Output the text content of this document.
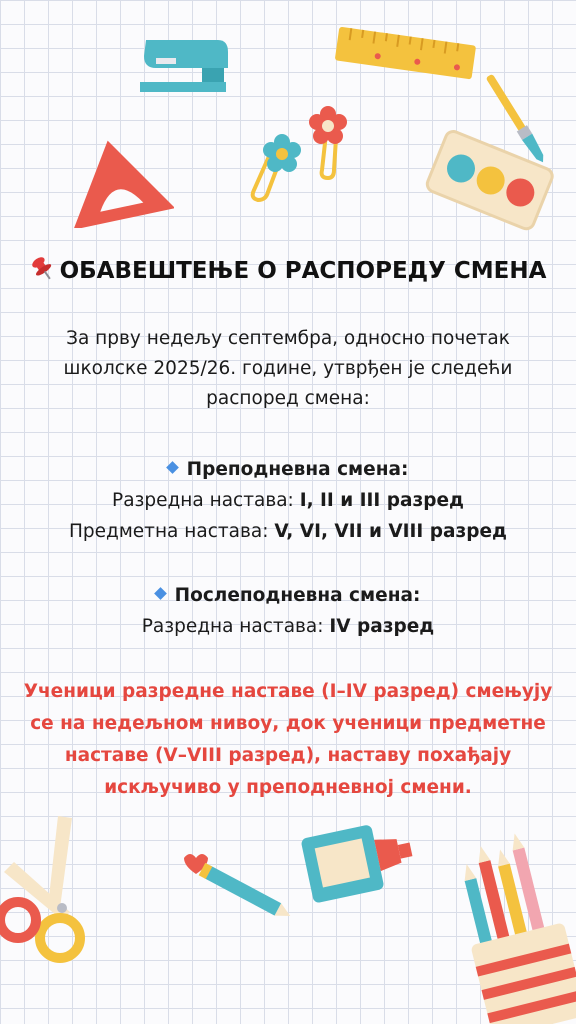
ОБАВЕШТЕЊЕ О РАСПОРЕДУ СМЕНА
За прву недељу септембра, односно почетак школске 2025/26. године, утврђен је следећи распоред смена:
Преподневна смена:
Разредна настава: I, II и III разред
Предметна настава: V, VI, VII и VIII разред
Послеподневна смена:
Разредна настава: IV разред
Ученици разредне наставе (I–IV разред) смењују се на недељном нивоу, док ученици предметне наставе (V–VIII разред), наставу похађају искључиво у преподневној смени.
